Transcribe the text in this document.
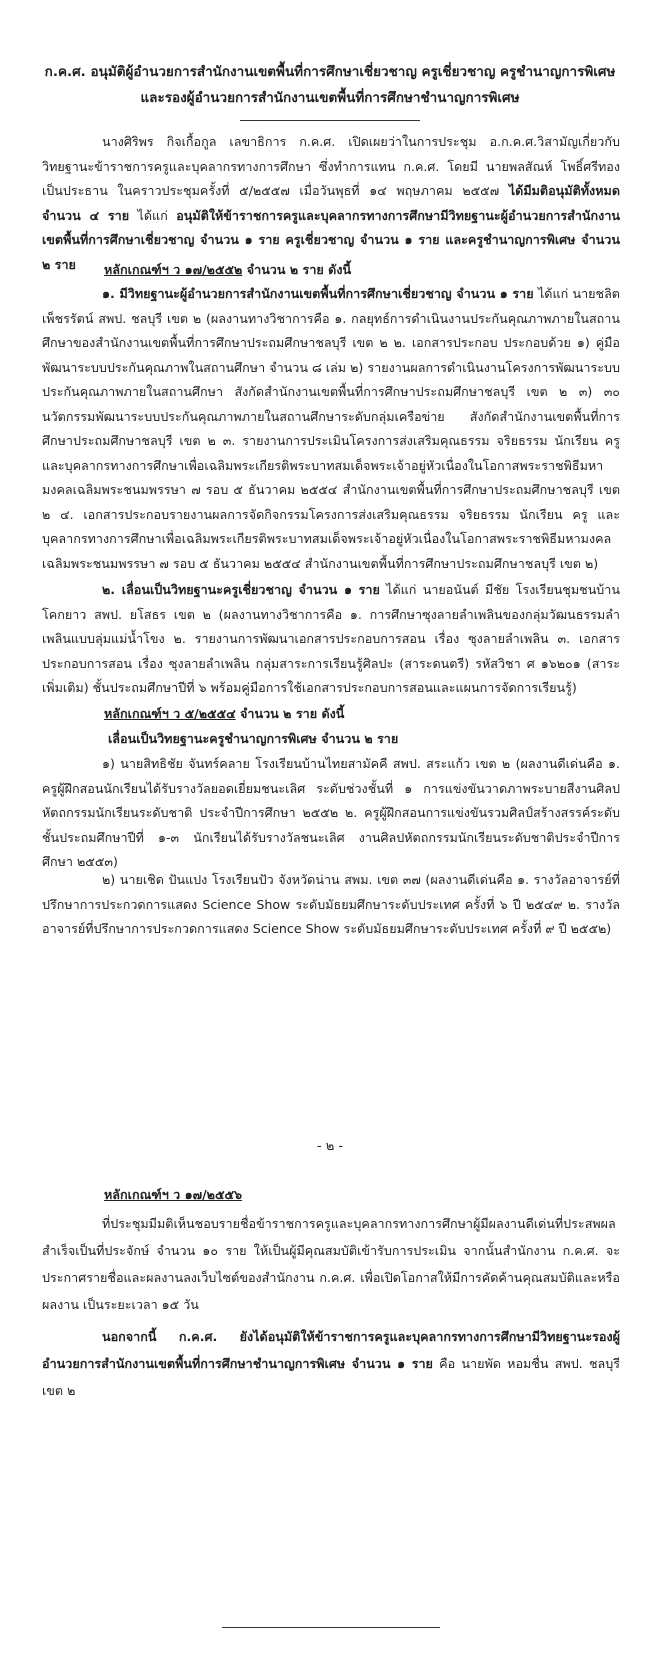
ก.ค.ศ. อนุมัติผู้อำนวยการสำนักงานเขตพื้นที่การศึกษาเชี่ยวชาญ ครูเชี่ยวชาญ ครูชำนาญการพิเศษ
และรองผู้อำนวยการสำนักงานเขตพื้นที่การศึกษาชำนาญการพิเศษ

นางศิริพร กิจเกื้อกูล เลขาธิการ ก.ค.ศ. เปิดเผยว่าในการประชุม อ.ก.ค.ศ.วิสามัญเกี่ยวกับวิทยฐานะข้าราชการครูและบุคลากรทางการศึกษา ซึ่งทำการแทน ก.ค.ศ. โดยมี นายพลสัณห์ โพธิ์ศรีทอง เป็นประธาน ในคราวประชุมครั้งที่ ๕/๒๕๕๗ เมื่อวันพุธที่ ๑๔ พฤษภาคม ๒๕๕๗ ได้มีมติอนุมัติทั้งหมด จำนวน ๔ ราย ได้แก่ อนุมัติให้ข้าราชการครูและบุคลากรทางการศึกษามีวิทยฐานะผู้อำนวยการสำนักงานเขตพื้นที่การศึกษาเชี่ยวชาญ จำนวน ๑ ราย ครูเชี่ยวชาญ จำนวน ๑ ราย และครูชำนาญการพิเศษ จำนวน ๒ ราย	หลักเกณฑ์ฯ ว ๑๗/๒๕๕๒ จำนวน ๒ ราย ดังนี้

๑. มีวิทยฐานะผู้อำนวยการสำนักงานเขตพื้นที่การศึกษาเชี่ยวชาญ จำนวน ๑ ราย ได้แก่ นายชลิต เพ็ชรรัตน์ สพป. ชลบุรี เขต ๒ (ผลงานทางวิชาการคือ ๑. กลยุทธ์การดำเนินงานประกันคุณภาพภายในสถานศึกษาของสำนักงานเขตพื้นที่การศึกษาประถมศึกษาชลบุรี เขต ๒ ๒. เอกสารประกอบ ประกอบด้วย ๑) คู่มือพัฒนาระบบประกันคุณภาพในสถานศึกษา จำนวน ๘ เล่ม ๒) รายงานผลการดำเนินงานโครงการพัฒนาระบบประกันคุณภาพภายในสถานศึกษา สังกัดสำนักงานเขตพื้นที่การศึกษาประถมศึกษาชลบุรี เขต ๒ ๓) ๓๐ นวัตกรรมพัฒนาระบบประกันคุณภาพภายในสถานศึกษาระดับกลุ่มเครือข่าย สังกัดสำนักงานเขตพื้นที่การศึกษาประถมศึกษาชลบุรี เขต ๒ ๓. รายงานการประเมินโครงการส่งเสริมคุณธรรม จริยธรรม นักเรียน ครู และบุคลากรทางการศึกษาเพื่อเฉลิมพระเกียรติพระบาทสมเด็จพระเจ้าอยู่หัวเนื่องในโอกาสพระราชพิธีมหามงคลเฉลิมพระชนมพรรษา ๗ รอบ ๕ ธันวาคม ๒๕๕๔ สำนักงานเขตพื้นที่การศึกษาประถมศึกษาชลบุรี เขต ๒ ๔. เอกสารประกอบรายงานผลการจัดกิจกรรมโครงการส่งเสริมคุณธรรม จริยธรรม นักเรียน ครู และบุคลากรทางการศึกษาเพื่อเฉลิมพระเกียรติพระบาทสมเด็จพระเจ้าอยู่หัวเนื่องในโอกาสพระราชพิธีมหามงคลเฉลิมพระชนมพรรษา ๗ รอบ ๕ ธันวาคม ๒๕๕๔ สำนักงานเขตพื้นที่การศึกษาประถมศึกษาชลบุรี เขต ๒)

๒. เลื่อนเป็นวิทยฐานะครูเชี่ยวชาญ จำนวน ๑ ราย ได้แก่ นายอนันต์ มีชัย โรงเรียนชุมชนบ้านโคกยาว สพป. ยโสธร เขต ๒ (ผลงานทางวิชาการคือ ๑. การศึกษาซุงลายลำเพลินของกลุ่มวัฒนธรรมลำเพลินแบบลุ่มแม่น้ำโขง ๒. รายงานการพัฒนาเอกสารประกอบการสอน เรื่อง ซุงลายลำเพลิน ๓. เอกสารประกอบการสอน เรื่อง ซุงลายลำเพลิน กลุ่มสาระการเรียนรู้ศิลปะ (สาระดนตรี) รหัสวิชา ศ ๑๖๒๐๑ (สาระเพิ่มเติม) ชั้นประถมศึกษาปีที่ ๖ พร้อมคู่มือการใช้เอกสารประกอบการสอนและแผนการจัดการเรียนรู้)

หลักเกณฑ์ฯ ว ๕/๒๕๕๔ จำนวน ๒ ราย ดังนี้
เลื่อนเป็นวิทยฐานะครูชำนาญการพิเศษ จำนวน ๒ ราย

๑) นายสิทธิชัย จันทร์คลาย โรงเรียนบ้านไทยสามัคคี สพป. สระแก้ว เขต ๒ (ผลงานดีเด่นคือ ๑. ครูผู้ฝึกสอนนักเรียนได้รับรางวัลยอดเยี่ยมชนะเลิศ ระดับช่วงชั้นที่ ๑ การแข่งขันวาดภาพระบายสีงานศิลปหัตถกรรมนักเรียนระดับชาติ ประจำปีการศึกษา ๒๕๕๒ ๒. ครูผู้ฝึกสอนการแข่งขันรวมศิลป์สร้างสรรค์ระดับชั้นประถมศึกษาปีที่ ๑-๓ นักเรียนได้รับรางวัลชนะเลิศ งานศิลปหัตถกรรมนักเรียนระดับชาติประจำปีการศึกษา ๒๕๕๓)

๒) นายเชิด ปันแปง โรงเรียนปัว จังหวัดน่าน สพม. เขต ๓๗ (ผลงานดีเด่นคือ ๑. รางวัลอาจารย์ที่ปรึกษาการประกวดการแสดง Science Show ระดับมัธยมศึกษาระดับประเทศ ครั้งที่ ๖ ปี ๒๕๔๙ ๒. รางวัลอาจารย์ที่ปรึกษาการประกวดการแสดง Science Show ระดับมัธยมศึกษาระดับประเทศ ครั้งที่ ๙ ปี ๒๕๕๒)

- ๒ -
หลักเกณฑ์ฯ ว ๑๗/๒๕๕๖

ที่ประชุมมีมติเห็นชอบรายชื่อข้าราชการครูและบุคลากรทางการศึกษาผู้มีผลงานดีเด่นที่ประสพผลสำเร็จเป็นที่ประจักษ์ จำนวน ๑๐ ราย ให้เป็นผู้มีคุณสมบัติเข้ารับการประเมิน จากนั้นสำนักงาน ก.ค.ศ. จะประกาศรายชื่อและผลงานลงเว็บไซต์ของสำนักงาน ก.ค.ศ. เพื่อเปิดโอกาสให้มีการคัดค้านคุณสมบัติและหรือผลงาน เป็นระยะเวลา ๑๕ วัน

นอกจากนี้ ก.ค.ศ. ยังได้อนุมัติให้ข้าราชการครูและบุคลากรทางการศึกษามีวิทยฐานะรองผู้อำนวยการสำนักงานเขตพื้นที่การศึกษาชำนาญการพิเศษ จำนวน ๑ ราย คือ นายพัด หอมชื่น สพป. ชลบุรี เขต ๒
